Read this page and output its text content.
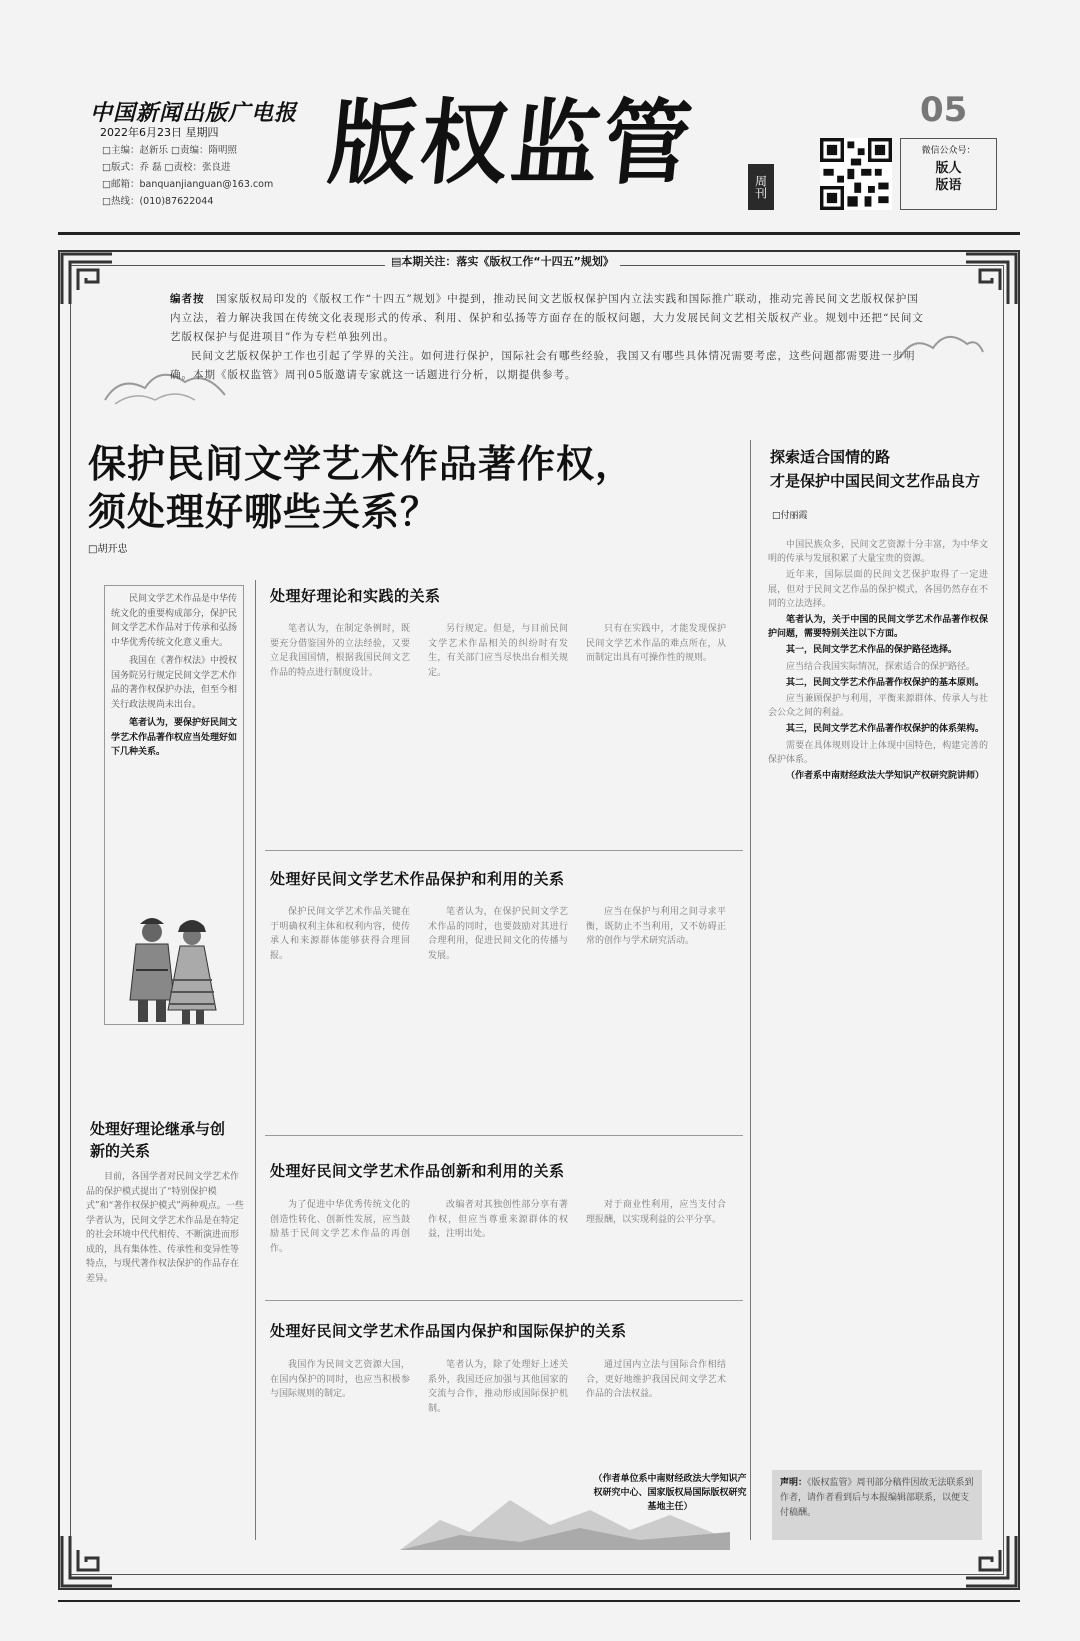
中国新闻出版广电报
2022年6月23日 星期四
□主编：赵新乐 □责编：隋明照
□版式：乔 磊 □责校：张良进
□邮箱：banquanjianguan@163.com
□热线：(010)87622044
版权监管	周刊
05
微信公众号：
版人
版语
▤本期关注：落实《版权工作“十四五”规划》
编者按　 国家版权局印发的《版权工作“十四五”规划》中提到，推动民间文艺版权保护国内立法实践和国际推广联动，推动完善民间文艺版权保护国内立法，着力解决我国在传统文化表现形式的传承、利用、保护和弘扬等方面存在的版权问题，大力发展民间文艺相关版权产业。规划中还把“民间文艺版权保护与促进项目”作为专栏单独列出。
民间文艺版权保护工作也引起了学界的关注。如何进行保护，国际社会有哪些经验，我国又有哪些具体情况需要考虑，这些问题都需要进一步明确。本期《版权监管》周刊05版邀请专家就这一话题进行分析，以期提供参考。
保护民间文学艺术作品著作权，
须处理好哪些关系？
□胡开忠

民间文学艺术作品是中华传统文化的重要构成部分，保护民间文学艺术作品对于传承和弘扬中华优秀传统文化意义重大。

我国在《著作权法》中授权国务院另行规定民间文学艺术作品的著作权保护办法，但至今相关行政法规尚未出台。

笔者认为，要保护好民间文学艺术作品著作权应当处理好如下几种关系。

处理好理论继承与创新的关系

目前，各国学者对民间文学艺术作品的保护模式提出了“特别保护模式”和“著作权保护模式”两种观点。一些学者认为，民间文学艺术作品是在特定的社会环境中代代相传、不断演进而形成的，具有集体性、传承性和变异性等特点，与现代著作权法保护的作品存在差异。

处理好理论和实践的关系

笔者认为，在制定条例时，既要充分借鉴国外的立法经验，又要立足我国国情，根据我国民间文艺作品的特点进行制度设计。

另行规定。但是，与目前民间文学艺术作品相关的纠纷时有发生，有关部门应当尽快出台相关规定。

只有在实践中，才能发现保护民间文学艺术作品的难点所在，从而制定出具有可操作性的规则。

处理好民间文学艺术作品保护和利用的关系

保护民间文学艺术作品关键在于明确权利主体和权利内容，使传承人和来源群体能够获得合理回报。

笔者认为，在保护民间文学艺术作品的同时，也要鼓励对其进行合理利用，促进民间文化的传播与发展。

应当在保护与利用之间寻求平衡，既防止不当利用，又不妨碍正常的创作与学术研究活动。

处理好民间文学艺术作品创新和利用的关系

为了促进中华优秀传统文化的创造性转化、创新性发展，应当鼓励基于民间文学艺术作品的再创作。

改编者对其独创性部分享有著作权，但应当尊重来源群体的权益，注明出处。

对于商业性利用，应当支付合理报酬，以实现利益的公平分享。

处理好民间文学艺术作品国内保护和国际保护的关系

我国作为民间文艺资源大国，在国内保护的同时，也应当积极参与国际规则的制定。

笔者认为，除了处理好上述关系外，我国还应加强与其他国家的交流与合作，推动形成国际保护机制。

通过国内立法与国际合作相结合，更好地维护我国民间文学艺术作品的合法权益。

（作者单位系中南财经政法大学知识产权研究中心、国家版权局国际版权研究基地主任）
探索适合国情的路
才是保护中国民间文艺作品良方
□付丽霞

中国民族众多，民间文艺资源十分丰富，为中华文明的传承与发展积累了大量宝贵的资源。

近年来，国际层面的民间文艺保护取得了一定进展，但对于民间文艺作品的保护模式，各国仍然存在不同的立法选择。

笔者认为，关于中国的民间文学艺术作品著作权保护问题，需要特别关注以下方面。

其一，民间文学艺术作品的保护路径选择。

应当结合我国实际情况，探索适合的保护路径。

其二，民间文学艺术作品著作权保护的基本原则。

应当兼顾保护与利用，平衡来源群体、传承人与社会公众之间的利益。

其三，民间文学艺术作品著作权保护的体系架构。

需要在具体规则设计上体现中国特色，构建完善的保护体系。

（作者系中南财经政法大学知识产权研究院讲师）

声明：《版权监管》周刊部分稿件因故无法联系到作者，请作者看到后与本报编辑部联系，以便支付稿酬。
